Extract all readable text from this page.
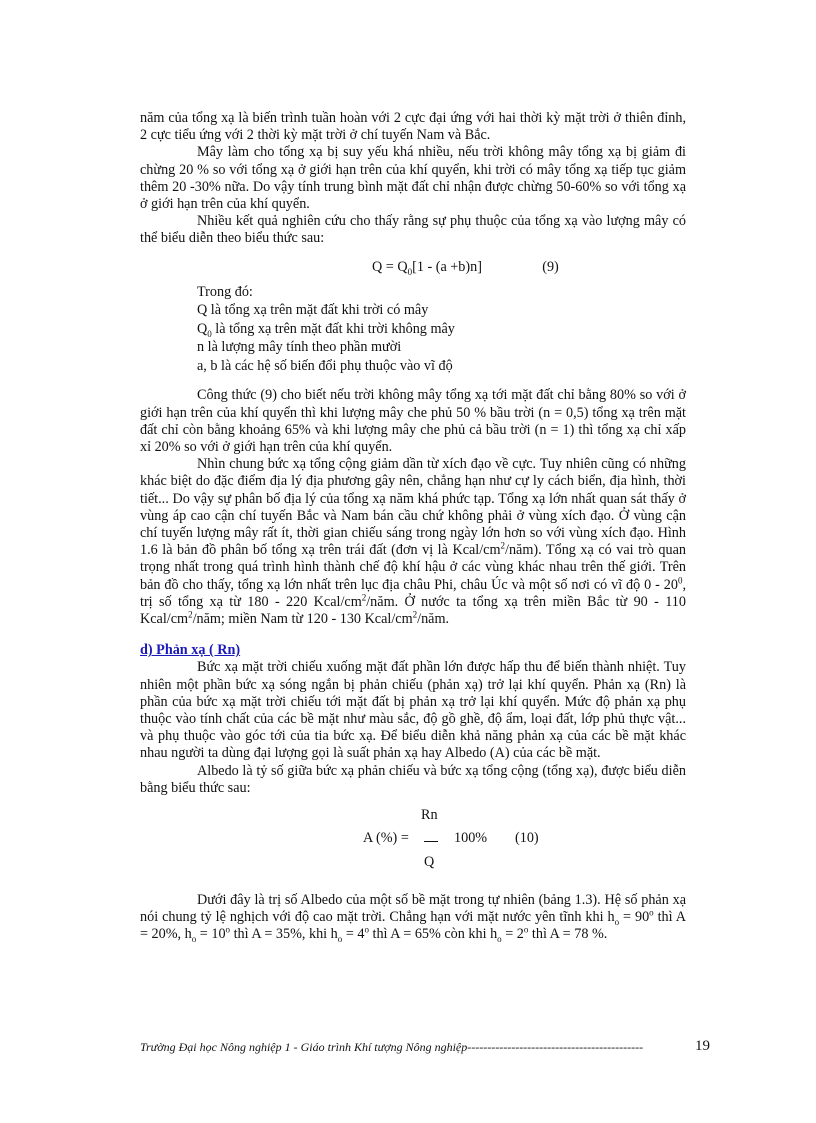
năm của tổng xạ là biến trình tuần hoàn với 2 cực đại ứng với hai thời kỳ mặt trời ở thiên đỉnh, 2 cực tiểu ứng với 2 thời kỳ mặt trời ở chí tuyến Nam và Bắc.

Mây làm cho tổng xạ bị suy yếu khá nhiều, nếu trời không mây tổng xạ bị giảm đi chừng 20 % so với tổng xạ ở giới hạn trên của khí quyển, khi trời có mây tổng xạ tiếp tục giảm thêm 20 -30% nữa. Do vậy tính trung bình mặt đất chỉ nhận được chừng 50-60% so với tổng xạ ở giới hạn trên của khí quyển.

Nhiều kết quả nghiên cứu cho thấy rằng sự phụ thuộc của tổng xạ vào lượng mây có thể biểu diễn theo biểu thức sau:

$Q = Q_0[1 - (a +b)n]$	(9)

Trong đó:

Q là tổng xạ trên mặt đất khi trời có mây

$Q_0$ là tổng xạ trên mặt đất khi trời không mây

n là lượng mây tính theo phần mười

a, b là các hệ số biến đổi phụ thuộc vào vĩ độ

Công thức (9) cho biết nếu trời không mây tổng xạ tới mặt đất chỉ bằng 80% so với ở giới hạn trên của khí quyển thì khi lượng mây che phủ 50 % bầu trời (n = 0,5) tổng xạ trên mặt đất chỉ còn bằng khoảng 65% và khi lượng mây che phủ cả bầu trời (n = 1) thì tổng xạ chỉ xấp xỉ 20% so với ở giới hạn trên của khí quyển.

Nhìn chung bức xạ tổng cộng giảm dần từ xích đạo về cực. Tuy nhiên cũng có những khác biệt do đặc điểm địa lý địa phương gây nên, chẳng hạn như cự ly cách biển, địa hình, thời tiết... Do vậy sự phân bố địa lý của tổng xạ năm khá phức tạp. Tổng xạ lớn nhất quan sát thấy ở vùng áp cao cận chí tuyến Bắc và Nam bán cầu chứ không phải ở vùng xích đạo. Ở vùng cận chí tuyến lượng mây rất ít, thời gian chiếu sáng trong ngày lớn hơn so với vùng xích đạo. Hình 1.6 là bản đồ phân bố tổng xạ trên trái đất (đơn vị là Kcal/$cm^2/năm$). Tổng xạ có vai trò quan trọng nhất trong quá trình hình thành chế độ khí hậu ở các vùng khác nhau trên thế giới. Trên bản đồ cho thấy, tổng xạ lớn nhất trên lục địa châu Phi, châu Úc và một số nơi có vĩ độ $0 - 20^0$, trị số tổng xạ từ 180 - 220 Kcal/$cm^2$/năm. Ở nước ta tổng xạ trên miền Bắc từ 90 - 110 Kcal/$cm^2$/năm; miền Nam từ 120 - 130 Kcal/$cm^2$/năm.

d) Phản xạ ( Rn)

Bức xạ mặt trời chiếu xuống mặt đất phần lớn được hấp thu để biến thành nhiệt. Tuy nhiên một phần bức xạ sóng ngắn bị phản chiếu (phản xạ) trở lại khí quyển. Phản xạ (Rn) là phần của bức xạ mặt trời chiếu tới mặt đất bị phản xạ trở lại khí quyển. Mức độ phản xạ phụ thuộc vào tính chất của các bề mặt như màu sắc, độ gồ ghề, độ ẩm, loại đất, lớp phủ thực vật... và phụ thuộc vào góc tới của tia bức xạ. Để biểu diễn khả năng phản xạ của các bề mặt khác nhau người ta dùng đại lượng gọi là suất phản xạ hay Albedo (A) của các bề mặt.

Albedo là tỷ số giữa bức xạ phản chiếu và bức xạ tổng cộng (tổng xạ), được biểu diễn bằng biểu thức sau:

Rn
A (%) =	100% (10)
Q

Dưới đây là trị số Albedo của một số bề mặt trong tự nhiên (bảng 1.3). Hệ số phản xạ nói chung tỷ lệ nghịch với độ cao mặt trời. Chẳng hạn với mặt nước yên tĩnh khi $h_o = 90^o$ thì A = 20%, $h_o = 10^o$ thì A = 35%, khi $h_o = 4^o$ thì A = 65% còn khi $h_o = 2^o$ thì A = 78 %.

Trường Đại học Nông nghiệp 1 - Giáo trình Khí tượng Nông nghiệp--------------------------------------------	19
